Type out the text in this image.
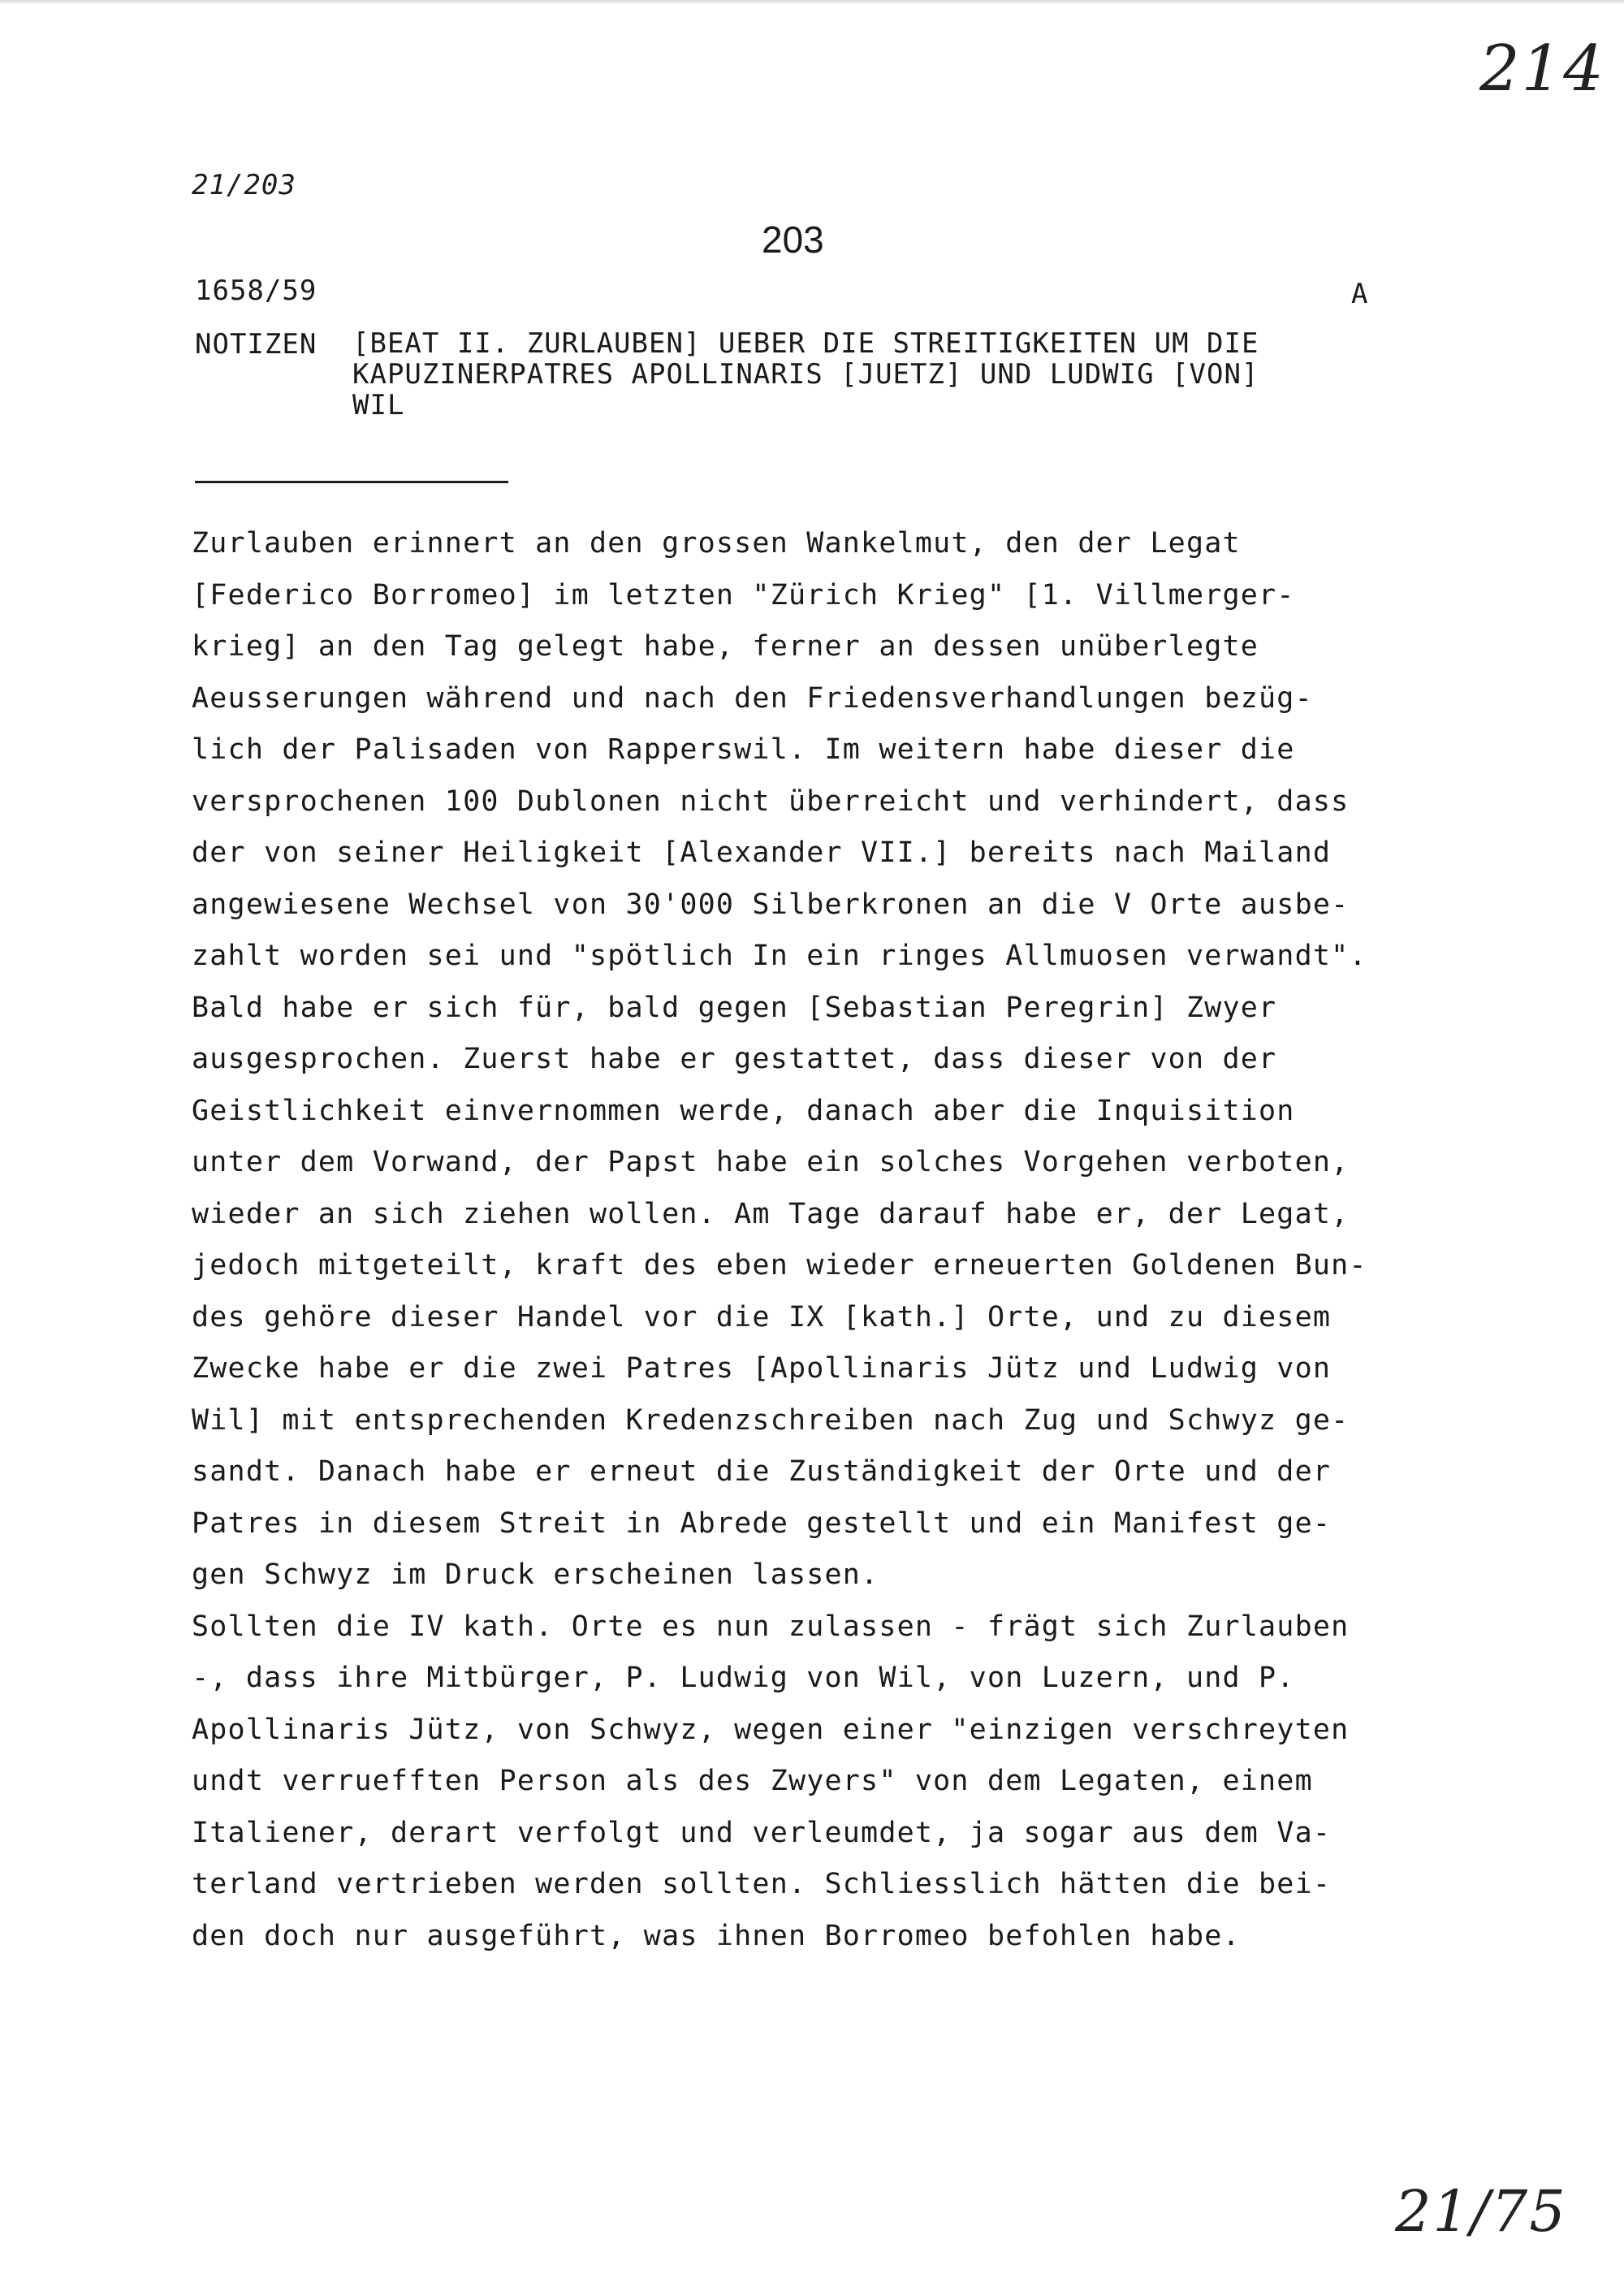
214
21/203
203
1658/59	A
NOTIZEN [BEAT II. ZURLAUBEN] UEBER DIE STREITIGKEITEN UM DIE
KAPUZINERPATRES APOLLINARIS [JUETZ] UND LUDWIG [VON]
WIL
Zurlauben erinnert an den grossen Wankelmut, den der Legat
[Federico Borromeo] im letzten "Zürich Krieg" [1. Villmerger-
krieg] an den Tag gelegt habe, ferner an dessen unüberlegte
Aeusserungen während und nach den Friedensverhandlungen bezüg-
lich der Palisaden von Rapperswil. Im weitern habe dieser die
versprochenen 100 Dublonen nicht überreicht und verhindert, dass
der von seiner Heiligkeit [Alexander VII.] bereits nach Mailand
angewiesene Wechsel von 30'000 Silberkronen an die V Orte ausbe-
zahlt worden sei und "spötlich In ein ringes Allmuosen verwandt".
Bald habe er sich für, bald gegen [Sebastian Peregrin] Zwyer
ausgesprochen. Zuerst habe er gestattet, dass dieser von der
Geistlichkeit einvernommen werde, danach aber die Inquisition
unter dem Vorwand, der Papst habe ein solches Vorgehen verboten,
wieder an sich ziehen wollen. Am Tage darauf habe er, der Legat,
jedoch mitgeteilt, kraft des eben wieder erneuerten Goldenen Bun-
des gehöre dieser Handel vor die IX [kath.] Orte, und zu diesem
Zwecke habe er die zwei Patres [Apollinaris Jütz und Ludwig von
Wil] mit entsprechenden Kredenzschreiben nach Zug und Schwyz ge-
sandt. Danach habe er erneut die Zuständigkeit der Orte und der
Patres in diesem Streit in Abrede gestellt und ein Manifest ge-
gen Schwyz im Druck erscheinen lassen.
Sollten die IV kath. Orte es nun zulassen - frägt sich Zurlauben
-, dass ihre Mitbürger, P. Ludwig von Wil, von Luzern, und P.
Apollinaris Jütz, von Schwyz, wegen einer "einzigen verschreyten
undt verruefften Person als des Zwyers" von dem Legaten, einem
Italiener, derart verfolgt und verleumdet, ja sogar aus dem Va-
terland vertrieben werden sollten. Schliesslich hätten die bei-
den doch nur ausgeführt, was ihnen Borromeo befohlen habe.
21/75
